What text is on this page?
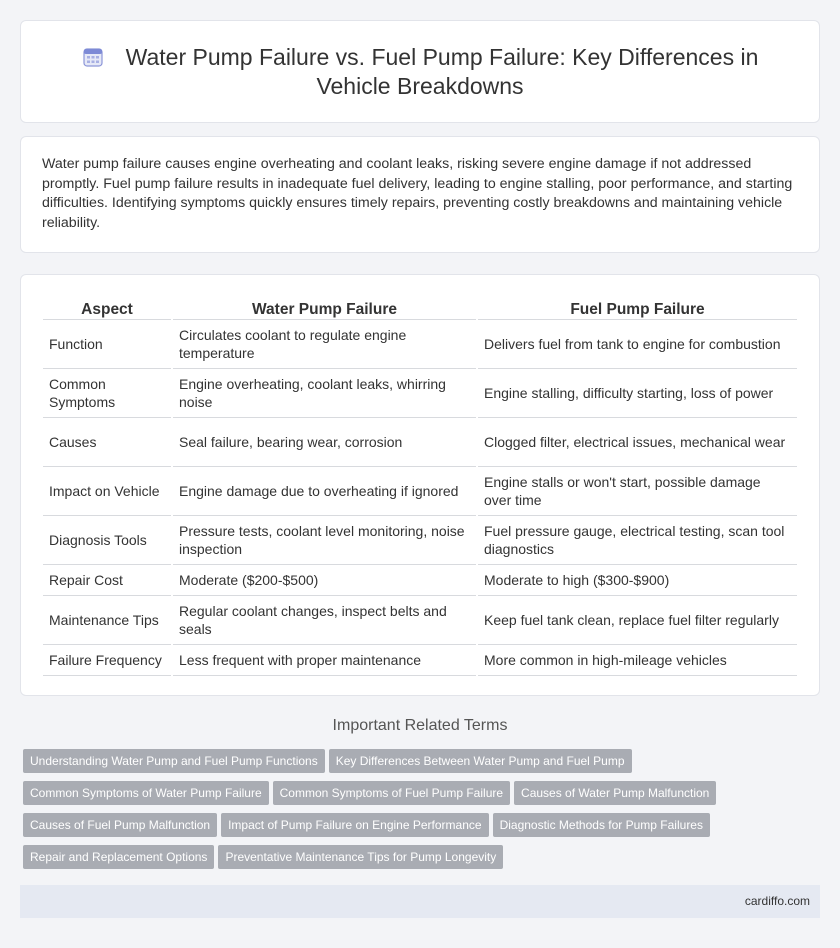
Water Pump Failure vs. Fuel Pump Failure: Key Differences in
Vehicle Breakdowns

Water pump failure causes engine overheating and coolant leaks, risking severe engine damage if not addressed promptly. Fuel pump failure results in inadequate fuel delivery, leading to engine stalling, poor performance, and starting difficulties. Identifying symptoms quickly ensures timely repairs, preventing costly breakdowns and maintaining vehicle reliability.

Aspect	Water Pump Failure	Fuel Pump Failure
Function	Circulates coolant to regulate engine temperature	Delivers fuel from tank to engine for combustion
Common Symptoms	Engine overheating, coolant leaks, whirring noise	Engine stalling, difficulty starting, loss of power
Causes	Seal failure, bearing wear, corrosion	Clogged filter, electrical issues, mechanical wear
Impact on Vehicle	Engine damage due to overheating if ignored	Engine stalls or won't start, possible damage over time
Diagnosis Tools	Pressure tests, coolant level monitoring, noise inspection	Fuel pressure gauge, electrical testing, scan tool diagnostics
Repair Cost	Moderate ($200-$500)	Moderate to high ($300-$900)
Maintenance Tips	Regular coolant changes, inspect belts and seals	Keep fuel tank clean, replace fuel filter regularly
Failure Frequency	Less frequent with proper maintenance	More common in high-mileage vehicles
Important Related Terms
Understanding Water Pump and Fuel Pump Functions Key Differences Between Water Pump and Fuel Pump
Common Symptoms of Water Pump Failure Common Symptoms of Fuel Pump Failure Causes of Water Pump Malfunction
Causes of Fuel Pump Malfunction Impact of Pump Failure on Engine Performance Diagnostic Methods for Pump Failures
Repair and Replacement Options Preventative Maintenance Tips for Pump Longevity
cardiffo.com
